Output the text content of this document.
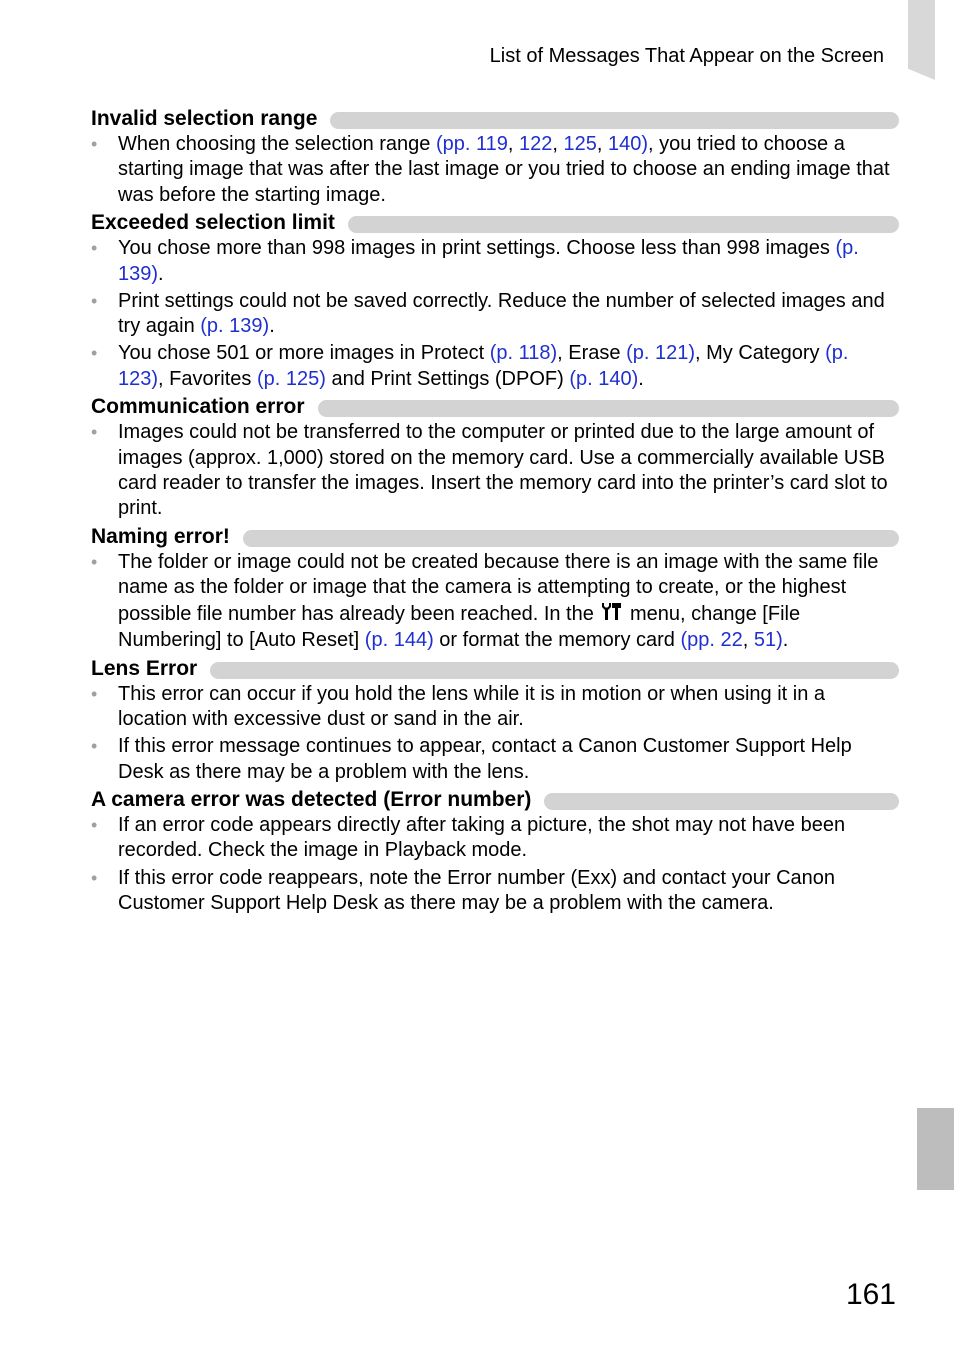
List of Messages That Appear on the Screen
Invalid selection range
• When choosing the selection range (pp. 119, 122, 125, 140), you tried to choose a starting image that was after the last image or you tried to choose an ending image that was before the starting image.
Exceeded selection limit
• You chose more than 998 images in print settings. Choose less than 998 images (p. 139).
• Print settings could not be saved correctly. Reduce the number of selected images and try again (p. 139).
• You chose 501 or more images in Protect (p. 118), Erase (p. 121), My Category (p. 123), Favorites (p. 125) and Print Settings (DPOF) (p. 140).
Communication error
• Images could not be transferred to the computer or printed due to the large amount of images (approx. 1,000) stored on the memory card. Use a commercially available USB card reader to transfer the images. Insert the memory card into the printer’s card slot to print.
Naming error!
• The folder or image could not be created because there is an image with the same file name as the folder or image that the camera is attempting to create, or the highest possible file number has already been reached. In the  menu, change [File Numbering] to [Auto Reset] (p. 144) or format the memory card (pp. 22, 51).
Lens Error
• This error can occur if you hold the lens while it is in motion or when using it in a location with excessive dust or sand in the air.
• If this error message continues to appear, contact a Canon Customer Support Help Desk as there may be a problem with the lens.
A camera error was detected (Error number)
• If an error code appears directly after taking a picture, the shot may not have been recorded. Check the image in Playback mode.
• If this error code reappears, note the Error number (Exx) and contact your Canon Customer Support Help Desk as there may be a problem with the camera.
161
